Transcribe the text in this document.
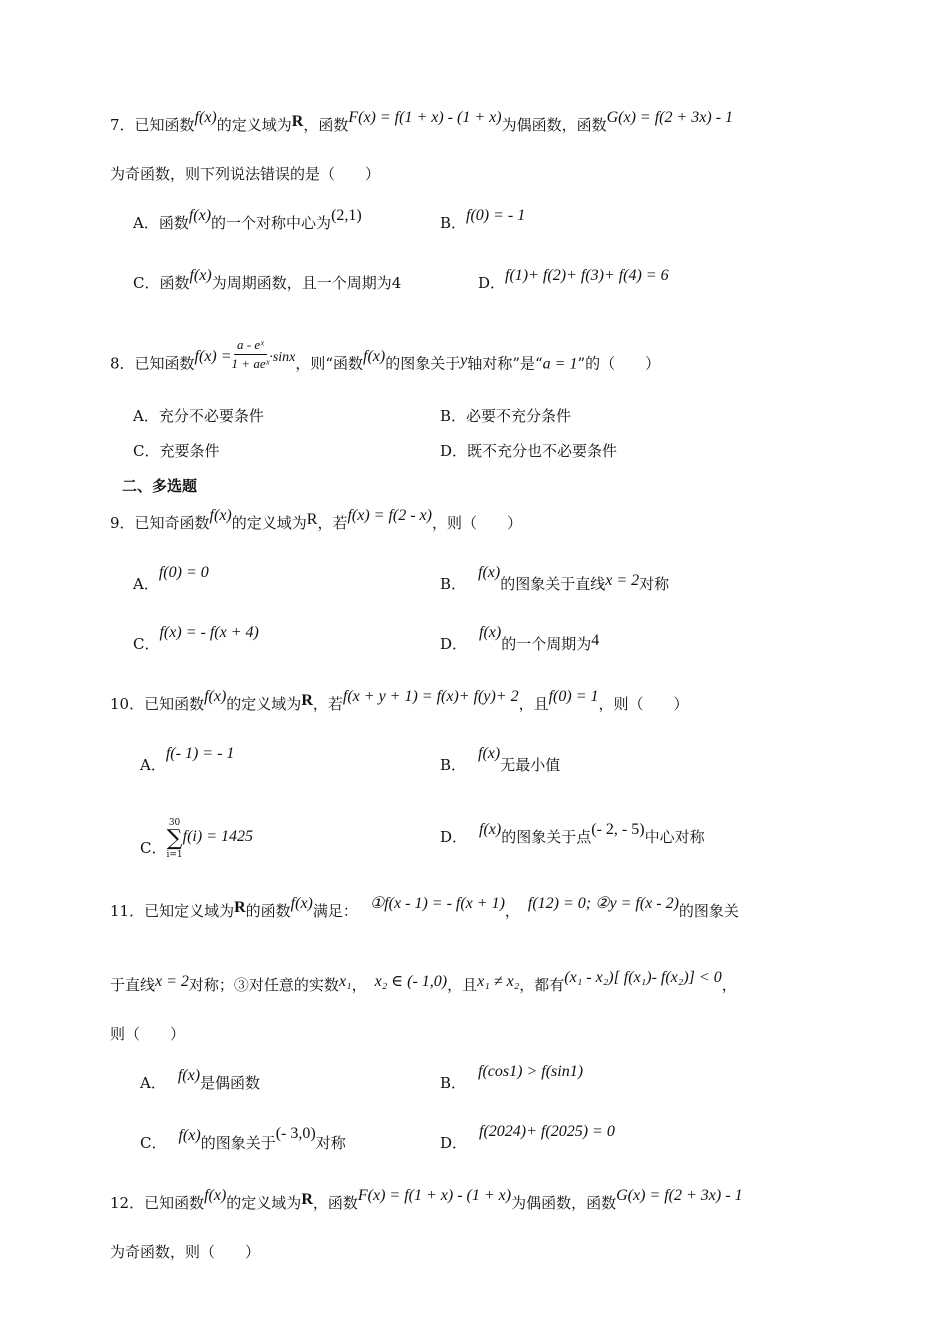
7．已知函数f(x)的定义域为R，函数F(x) = f(1 + x) - (1 + x)为偶函数，函数G(x) = f(2 + 3x) - 1
为奇函数，则下列说法错误的是（　　）
A．函数f(x)的一个对称中心为(2,1)	B．f(0) = - 1
C．函数f(x)为周期函数，且一个周期为4	D．f(1)+ f(2)+ f(3)+ f(4) = 6
8．已知函数$f(x) = \frac{\text{a - eˣ}}{\text{1 + aeˣ}} \cdot\sin x$，则“函数f(x)的图象关于y轴对称”是“a = 1”的（　　）
A．充分不必要条件	B．必要不充分条件
C．充要条件	D．既不充分也不必要条件
二、多选题
9．已知奇函数f(x)的定义域为R，若f(x) = f(2 - x)，则（　　）
A．f(0) = 0
B．f(x)的图象关于直线x = 2对称
C．f(x) = - f(x + 4)
D．f(x)的一个周期为4
10．已知函数f(x)的定义域为R，若f(x + y + 1) = f(x)+ f(y)+ 2，且f(0) = 1，则（　　）
A．f(- 1) = - 1
B．f(x)无最小值
C．
30
∑
i=1
f(i) = 1425	D． f(x)的图象关于点(- 2, - 5)中心对称
11．已知定义域为R的函数f(x)满足： ①f(x - 1) = - f(x + 1)， f(12) = 0; ②y = f(x - 2)的图象关
于直线x = 2对称；③对任意的实数x₁， x₂ ∈ (- 1,0)，且x₁ ≠ x₂，都有(x₁ - x₂)[ f(x₁)- f(x₂)] < 0，
则（　　）
A． f(x)是偶函数	B．f(cos1) > f(sin1)
C． f(x)的图象关于(- 3,0)对称	D．f(2024)+ f(2025) = 0
12．已知函数f(x)的定义域为R，函数F(x) = f(1 + x) - (1 + x)为偶函数，函数G(x) = f(2 + 3x) - 1
为奇函数，则（　　）
